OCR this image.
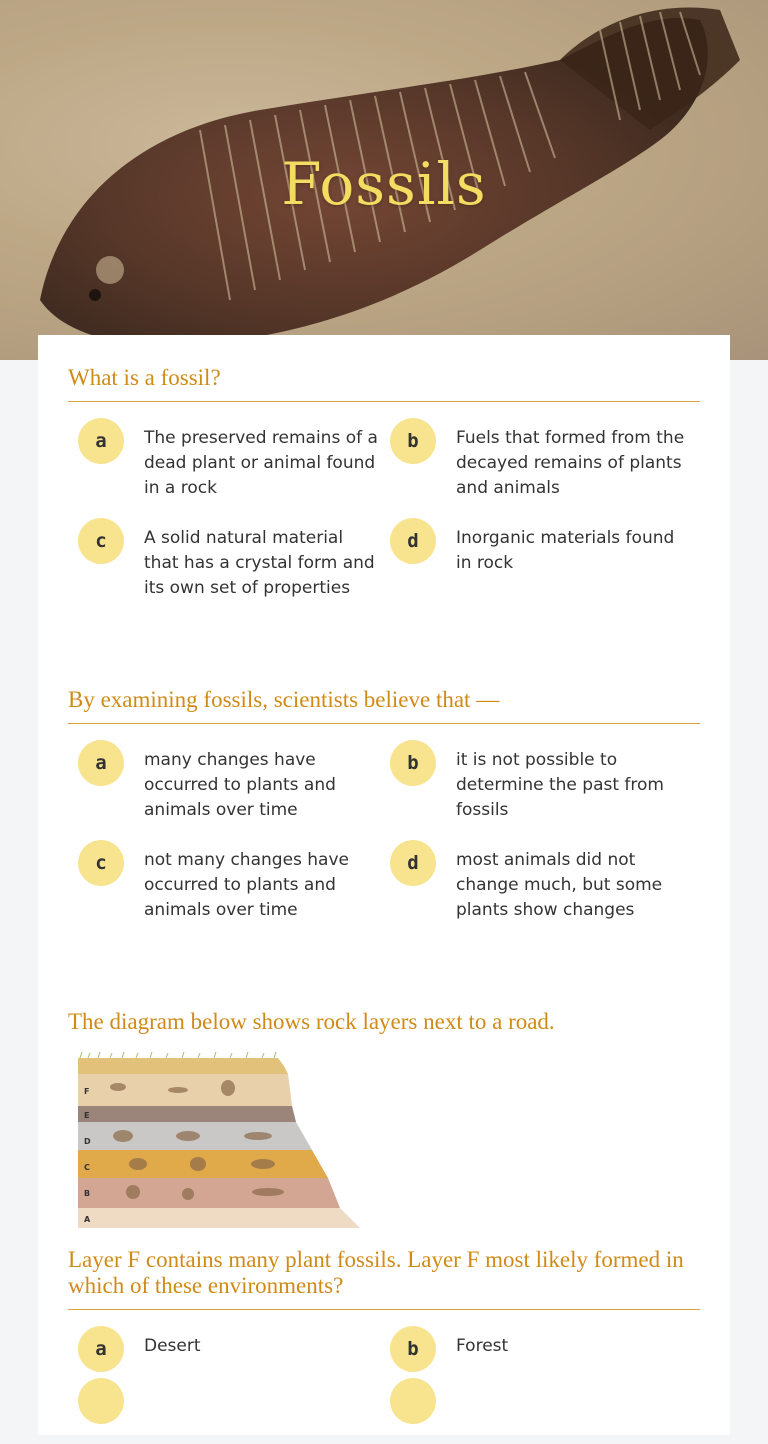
Fossils
What is a fossil?
a	The preserved remains of a dead plant or animal found in a rock
b	Fuels that formed from the decayed remains of plants and animals
c	A solid natural material that has a crystal form and its own set of properties
d	Inorganic materials found in rock
By examining fossils, scientists believe that —
a	many changes have occurred to plants and animals over time
b	it is not possible to determine the past from fossils
c	not many changes have occurred to plants and animals over time
d	most animals did not change much, but some plants show changes
The diagram below shows rock layers next to a road.
F
E
D
C
B
A
Layer F contains many plant fossils. Layer F most likely formed in which of these environments?
a	Desert	b	Forest
